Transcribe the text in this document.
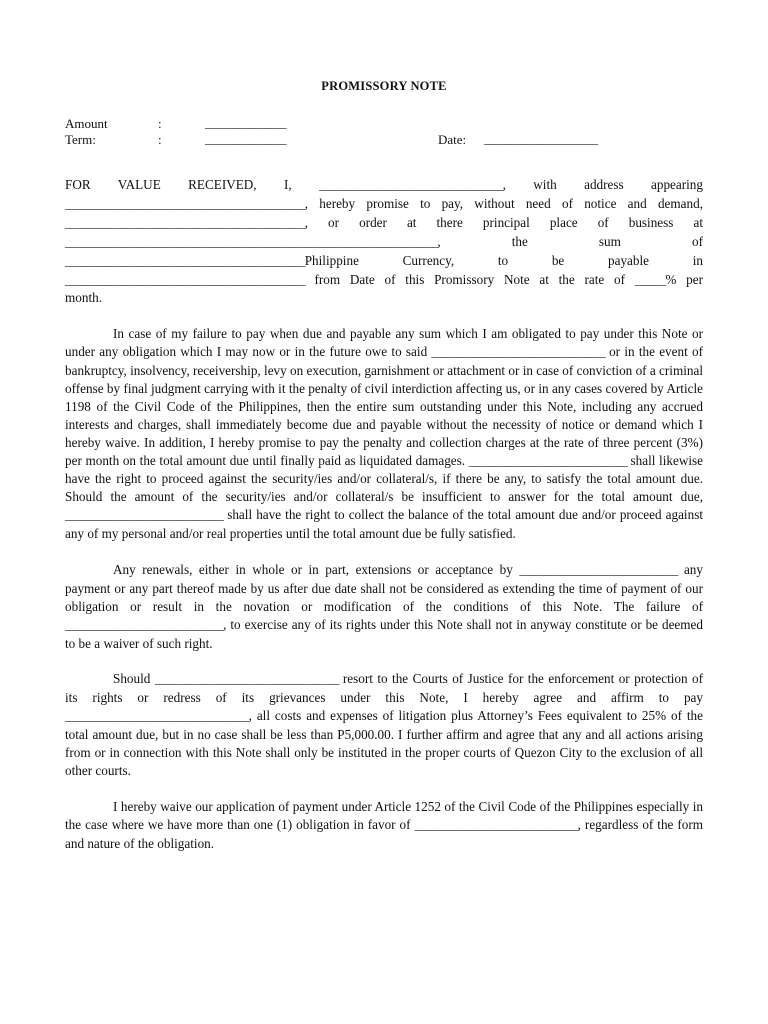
PROMISSORY NOTE
Amount	:	_______________
Term:	:	_______________	Date: _____________________
FOR VALUE RECEIVED, I, ____________________________________, with address appearing
_______________________________________________, hereby promise to pay, without need of notice and demand,
_______________________________________________, or order at there principal place of business at
_________________________________________________________________________, the sum of
_______________________________________________Philippine Currency, to be payable in
_______________________________________________ from Date of this Promissory Note at the rate of ______% per
month.

In case of my failure to pay when due and payable any sum which I am obligated to pay under this Note or under any obligation which I may now or in the future owe to said __________________________________ or in the event of bankruptcy, insolvency, receivership, levy on execution, garnishment or attachment or in case of conviction of a criminal offense by final judgment carrying with it the penalty of civil interdiction affecting us, or in any cases covered by Article 1198 of the Civil Code of the Philippines, then the entire sum outstanding under this Note, including any accrued interests and charges, shall immediately become due and payable without the necessity of notice or demand which I hereby waive. In addition, I hereby promise to pay the penalty and collection charges at the rate of three percent (3%) per month on the total amount due until finally paid as liquidated damages. _______________________________ shall likewise have the right to proceed against the security/ies and/or collateral/s, if there be any, to satisfy the total amount due. Should the amount of the security/ies and/or collateral/s be insufficient to answer for the total amount due, _______________________________ shall have the right to collect the balance of the total amount due and/or proceed against any of my personal and/or real properties until the total amount due be fully satisfied.

Any renewals, either in whole or in part, extensions or acceptance by _______________________________ any payment or any part thereof made by us after due date shall not be considered as extending the time of payment of our obligation or result in the novation or modification of the conditions of this Note. The failure of _______________________________, to exercise any of its rights under this Note shall not in anyway constitute or be deemed to be a waiver of such right.

Should ____________________________________ resort to the Courts of Justice for the enforcement or protection of its rights or redress of its grievances under this Note, I hereby agree and affirm to pay ____________________________________, all costs and expenses of litigation plus Attorney’s Fees equivalent to 25% of the total amount due, but in no case shall be less than P5,000.00. I further affirm and agree that any and all actions arising from or in connection with this Note shall only be instituted in the proper courts of Quezon City to the exclusion of all other courts.

I hereby waive our application of payment under Article 1252 of the Civil Code of the Philippines especially in the case where we have more than one (1) obligation in favor of ________________________________, regardless of the form and nature of the obligation.
